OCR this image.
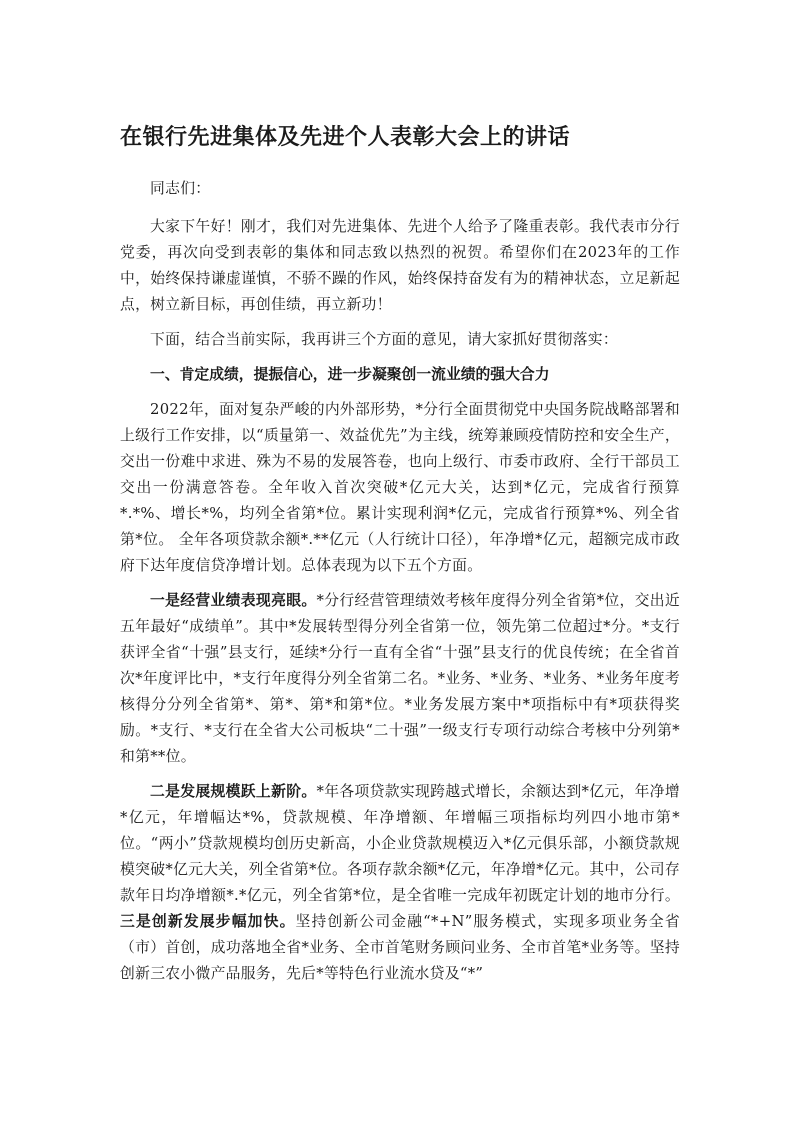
在银行先进集体及先进个人表彰大会上的讲话

同志们：

大家下午好！刚才，我们对先进集体、先进个人给予了隆重表彰。我代表市分行党委，再次向受到表彰的集体和同志致以热烈的祝贺。希望你们在2023年的工作中，始终保持谦虚谨慎，不骄不躁的作风，始终保持奋发有为的精神状态，立足新起点，树立新目标，再创佳绩，再立新功！

下面，结合当前实际，我再讲三个方面的意见，请大家抓好贯彻落实：

一、肯定成绩，提振信心，进一步凝聚创一流业绩的强大合力

2022年，面对复杂严峻的内外部形势，*分行全面贯彻党中央国务院战略部署和上级行工作安排，以“质量第一、效益优先”为主线，统筹兼顾疫情防控和安全生产，交出一份难中求进、殊为不易的发展答卷，也向上级行、市委市政府、全行干部员工交出一份满意答卷。全年收入首次突破*亿元大关，达到*亿元，完成省行预算*.*%、增长*%，均列全省第*位。累计实现利润*亿元，完成省行预算*%、列全省第*位。 全年各项贷款余额*.**亿元（人行统计口径），年净增*亿元，超额完成市政府下达年度信贷净增计划。总体表现为以下五个方面。

一是经营业绩表现亮眼。*分行经营管理绩效考核年度得分列全省第*位，交出近五年最好“成绩单”。其中*发展转型得分列全省第一位，领先第二位超过*分。*支行获评全省“十强”县支行，延续*分行一直有全省“十强”县支行的优良传统；在全省首次*年度评比中，*支行年度得分列全省第二名。*业务、*业务、*业务、*业务年度考核得分分列全省第*、第*、第*和第*位。*业务发展方案中*项指标中有*项获得奖励。*支行、*支行在全省大公司板块“二十强”一级支行专项行动综合考核中分列第*和第**位。

二是发展规模跃上新阶。*年各项贷款实现跨越式增长，余额达到*亿元，年净增*亿元，年增幅达*%，贷款规模、年净增额、年增幅三项指标均列四小地市第*位。“两小”贷款规模均创历史新高，小企业贷款规模迈入*亿元俱乐部，小额贷款规模突破*亿元大关，列全省第*位。各项存款余额*亿元，年净增*亿元。其中，公司存款年日均净增额*.*亿元，列全省第*位，是全省唯一完成年初既定计划的地市分行。三是创新发展步幅加快。坚持创新公司金融“*+N”服务模式，实现多项业务全省（市）首创，成功落地全省*业务、全市首笔财务顾问业务、全市首笔*业务等。坚持创新三农小微产品服务，先后*等特色行业流水贷及“*”
